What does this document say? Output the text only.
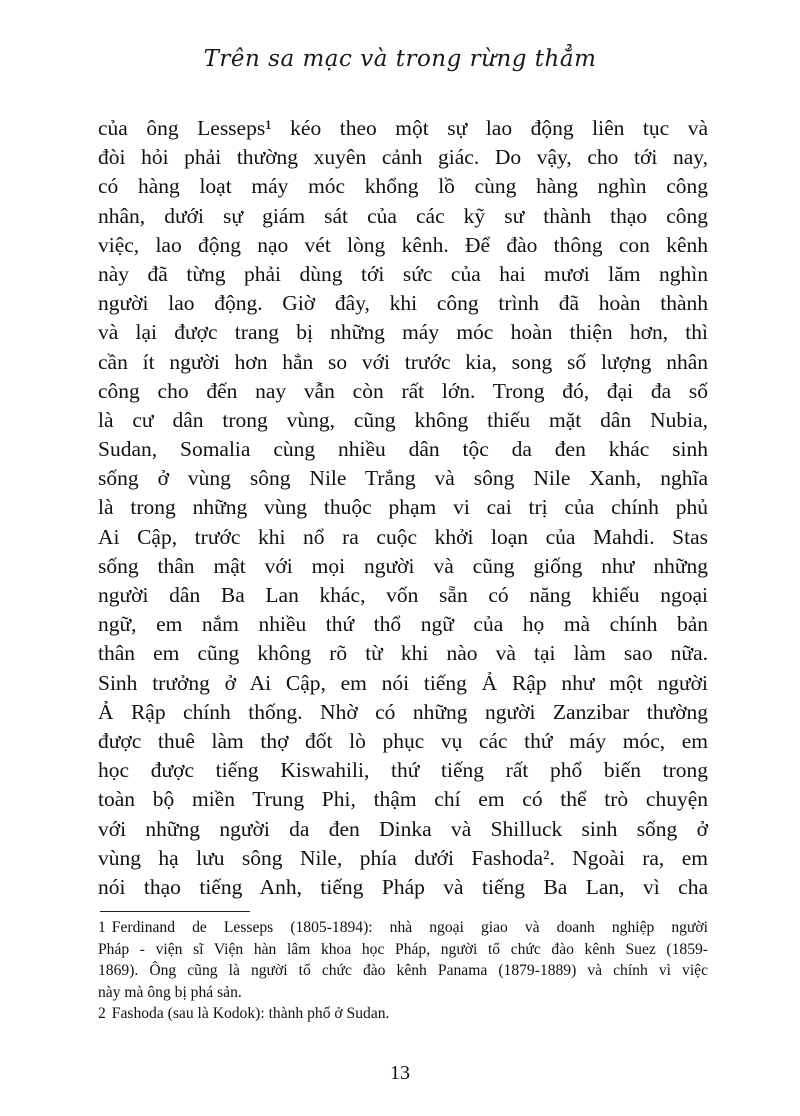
Trên sa mạc và trong rừng thẳm
của ông Lesseps¹ kéo theo một sự lao động liên tục và
đòi hỏi phải thường xuyên cảnh giác. Do vậy, cho tới nay,
có hàng loạt máy móc khổng lồ cùng hàng nghìn công
nhân, dưới sự giám sát của các kỹ sư thành thạo công
việc, lao động nạo vét lòng kênh. Để đào thông con kênh
này đã từng phải dùng tới sức của hai mươi lăm nghìn
người lao động. Giờ đây, khi công trình đã hoàn thành
và lại được trang bị những máy móc hoàn thiện hơn, thì
cần ít người hơn hẳn so với trước kia, song số lượng nhân
công cho đến nay vẫn còn rất lớn. Trong đó, đại đa số
là cư dân trong vùng, cũng không thiếu mặt dân Nubia,
Sudan, Somalia cùng nhiều dân tộc da đen khác sinh
sống ở vùng sông Nile Trắng và sông Nile Xanh, nghĩa
là trong những vùng thuộc phạm vi cai trị của chính phủ
Ai Cập, trước khi nổ ra cuộc khởi loạn của Mahdi. Stas
sống thân mật với mọi người và cũng giống như những
người dân Ba Lan khác, vốn sẵn có năng khiếu ngoại
ngữ, em nắm nhiều thứ thổ ngữ của họ mà chính bản
thân em cũng không rõ từ khi nào và tại làm sao nữa.
Sinh trưởng ở Ai Cập, em nói tiếng Ả Rập như một người
Ả Rập chính thống. Nhờ có những người Zanzibar thường
được thuê làm thợ đốt lò phục vụ các thứ máy móc, em
học được tiếng Kiswahili, thứ tiếng rất phổ biến trong
toàn bộ miền Trung Phi, thậm chí em có thể trò chuyện
với những người da đen Dinka và Shilluck sinh sống ở
vùng hạ lưu sông Nile, phía dưới Fashoda². Ngoài ra, em
nói thạo tiếng Anh, tiếng Pháp và tiếng Ba Lan, vì cha
1 Ferdinand de Lesseps (1805-1894): nhà ngoại giao và doanh nghiệp người
Pháp - viện sĩ Viện hàn lâm khoa học Pháp, người tổ chức đào kênh Suez (1859-
1869). Ông cũng là người tổ chức đào kênh Panama (1879-1889) và chính vì việc
này mà ông bị phá sản.
2 Fashoda (sau là Kodok): thành phố ở Sudan.
13
